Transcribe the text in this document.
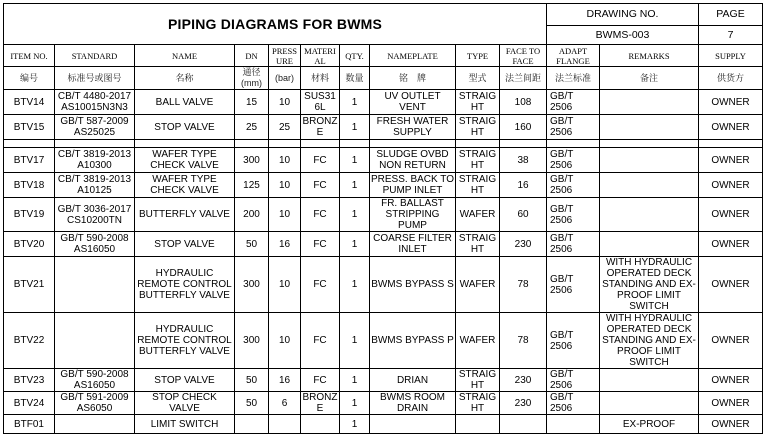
PIPING DIAGRAMS FOR BWMS										DRAWING NO.		PAGE
										BWMS-003		7
ITEM NO.	STANDARD	NAME	DN	PRESSURE	MATERIAL	QTY.	NAMEPLATE	TYPE	FACE TO FACE	ADAPT FLANGE	REMARKS	SUPPLY
编号	标准号或图号	名称	通径 (mm)	(bar)	材料	数量	铭　牌	型式	法兰间距	法兰标准	备注	供货方
BTV14	CB/T 4480-2017 AS10015N3N3	BALL VALVE	15	10	SUS316L	1	UV OUTLET VENT	STRAIGHT	108	GB/T 2506		OWNER
BTV15	GB/T 587-2009 AS25025	STOP VALVE	25	25	BRONZE	1	FRESH WATER SUPPLY	STRAIGHT	160	GB/T 2506		OWNER

BTV17	CB/T 3819-2013 A10300	WAFER TYPE CHECK VALVE	300	10	FC	1	SLUDGE OVBD NON RETURN	STRAIGHT	38	GB/T 2506		OWNER
BTV18	CB/T 3819-2013 A10125	WAFER TYPE CHECK VALVE	125	10	FC	1	PRESS. BACK TO PUMP INLET	STRAIGHT	16	GB/T 2506		OWNER
BTV19	GB/T 3036-2017 CS10200TN	BUTTERFLY VALVE	200	10	FC	1	FR. BALLAST STRIPPING PUMP	WAFER	60	GB/T 2506		OWNER
BTV20	GB/T 590-2008 AS16050	STOP VALVE	50	16	FC	1	COARSE FILTER INLET	STRAIGHT	230	GB/T 2506		OWNER
BTV21		HYDRAULIC REMOTE CONTROL BUTTERFLY VALVE	300	10	FC	1	BWMS BYPASS S	WAFER	78	GB/T 2506	WITH HYDRAULIC OPERATED DECK STANDING AND EX-PROOF LIMIT SWITCH	OWNER
BTV22		HYDRAULIC REMOTE CONTROL BUTTERFLY VALVE	300	10	FC	1	BWMS BYPASS P	WAFER	78	GB/T 2506	WITH HYDRAULIC OPERATED DECK STANDING AND EX-PROOF LIMIT SWITCH	OWNER
BTV23	GB/T 590-2008 AS16050	STOP VALVE	50	16	FC	1	DRIAN	STRAIGHT	230	GB/T 2506		OWNER
BTV24	GB/T 591-2009 AS6050	STOP CHECK VALVE	50	6	BRONZE	1	BWMS ROOM DRAIN	STRAIGHT	230	GB/T 2506		OWNER
BTF01		LIMIT SWITCH				1					EX-PROOF	OWNER
